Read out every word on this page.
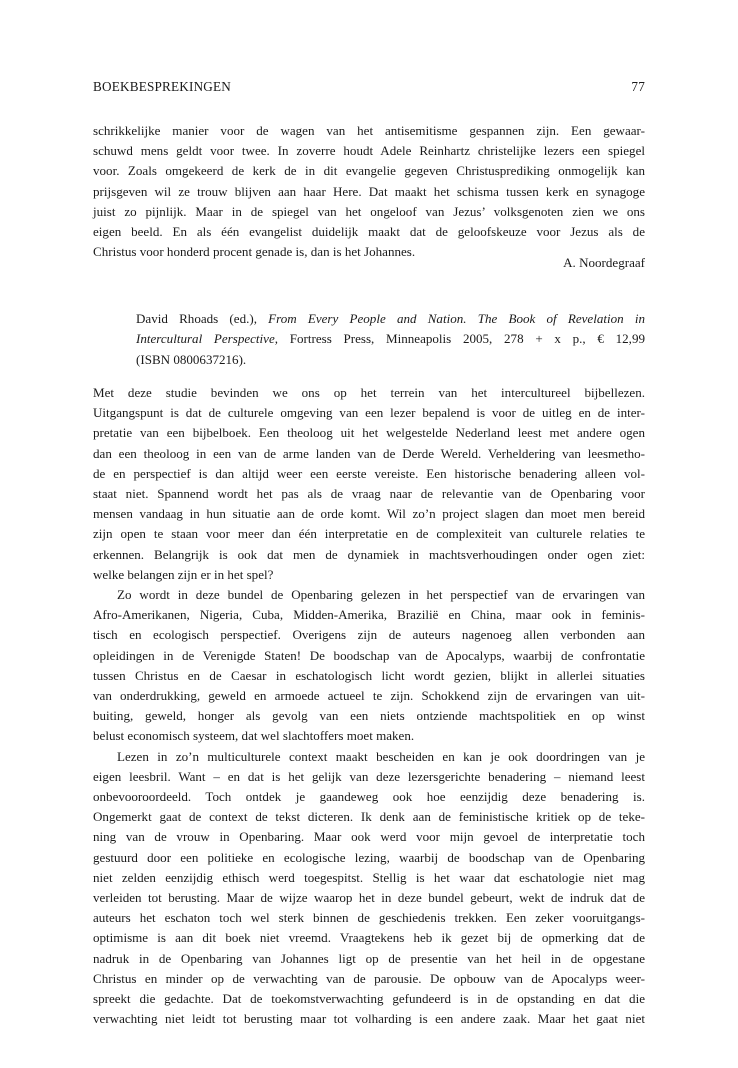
BOEKBESPREKINGEN	77

schrikkelijke manier voor de wagen van het antisemitisme gespannen zijn. Een gewaar-

schuwd mens geldt voor twee. In zoverre houdt Adele Reinhartz christelijke lezers een spiegel

voor. Zoals omgekeerd de kerk de in dit evangelie gegeven Christusprediking onmogelijk kan

prijsgeven wil ze trouw blijven aan haar Here. Dat maakt het schisma tussen kerk en synagoge

juist zo pijnlijk. Maar in de spiegel van het ongeloof van Jezus’ volksgenoten zien we ons

eigen beeld. En als één evangelist duidelijk maakt dat de geloofskeuze voor Jezus als de

Christus voor honderd procent genade is, dan is het Johannes.

A. Noordegraaf
David Rhoads (ed.), From Every People and Nation. The Book of Revelation in
Intercultural Perspective, Fortress Press, Minneapolis 2005, 278 + x p., € 12,99
(ISBN 0800637216).

Met deze studie bevinden we ons op het terrein van het intercultureel bijbellezen.

Uitgangspunt is dat de culturele omgeving van een lezer bepalend is voor de uitleg en de inter-

pretatie van een bijbelboek. Een theoloog uit het welgestelde Nederland leest met andere ogen

dan een theoloog in een van de arme landen van de Derde Wereld. Verheldering van leesmetho-

de en perspectief is dan altijd weer een eerste vereiste. Een historische benadering alleen vol-

staat niet. Spannend wordt het pas als de vraag naar de relevantie van de Openbaring voor

mensen vandaag in hun situatie aan de orde komt. Wil zo’n project slagen dan moet men bereid

zijn open te staan voor meer dan één interpretatie en de complexiteit van culturele relaties te

erkennen. Belangrijk is ook dat men de dynamiek in machtsverhoudingen onder ogen ziet:

welke belangen zijn er in het spel?

Zo wordt in deze bundel de Openbaring gelezen in het perspectief van de ervaringen van

Afro-Amerikanen, Nigeria, Cuba, Midden-Amerika, Brazilië en China, maar ook in feminis-

tisch en ecologisch perspectief. Overigens zijn de auteurs nagenoeg allen verbonden aan

opleidingen in de Verenigde Staten! De boodschap van de Apocalyps, waarbij de confrontatie

tussen Christus en de Caesar in eschatologisch licht wordt gezien, blijkt in allerlei situaties

van onderdrukking, geweld en armoede actueel te zijn. Schokkend zijn de ervaringen van uit-

buiting, geweld, honger als gevolg van een niets ontziende machtspolitiek en op winst

belust economisch systeem, dat wel slachtoffers moet maken.

Lezen in zo’n multiculturele context maakt bescheiden en kan je ook doordringen van je

eigen leesbril. Want – en dat is het gelijk van deze lezersgerichte benadering – niemand leest

onbevooroordeeld. Toch ontdek je gaandeweg ook hoe eenzijdig deze benadering is.

Ongemerkt gaat de context de tekst dicteren. Ik denk aan de feministische kritiek op de teke-

ning van de vrouw in Openbaring. Maar ook werd voor mijn gevoel de interpretatie toch

gestuurd door een politieke en ecologische lezing, waarbij de boodschap van de Openbaring

niet zelden eenzijdig ethisch werd toegespitst. Stellig is het waar dat eschatologie niet mag

verleiden tot berusting. Maar de wijze waarop het in deze bundel gebeurt, wekt de indruk dat de

auteurs het eschaton toch wel sterk binnen de geschiedenis trekken. Een zeker vooruitgangs-

optimisme is aan dit boek niet vreemd. Vraagtekens heb ik gezet bij de opmerking dat de

nadruk in de Openbaring van Johannes ligt op de presentie van het heil in de opgestane

Christus en minder op de verwachting van de parousie. De opbouw van de Apocalyps weer-

spreekt die gedachte. Dat de toekomstverwachting gefundeerd is in de opstanding en dat die

verwachting niet leidt tot berusting maar tot volharding is een andere zaak. Maar het gaat niet
